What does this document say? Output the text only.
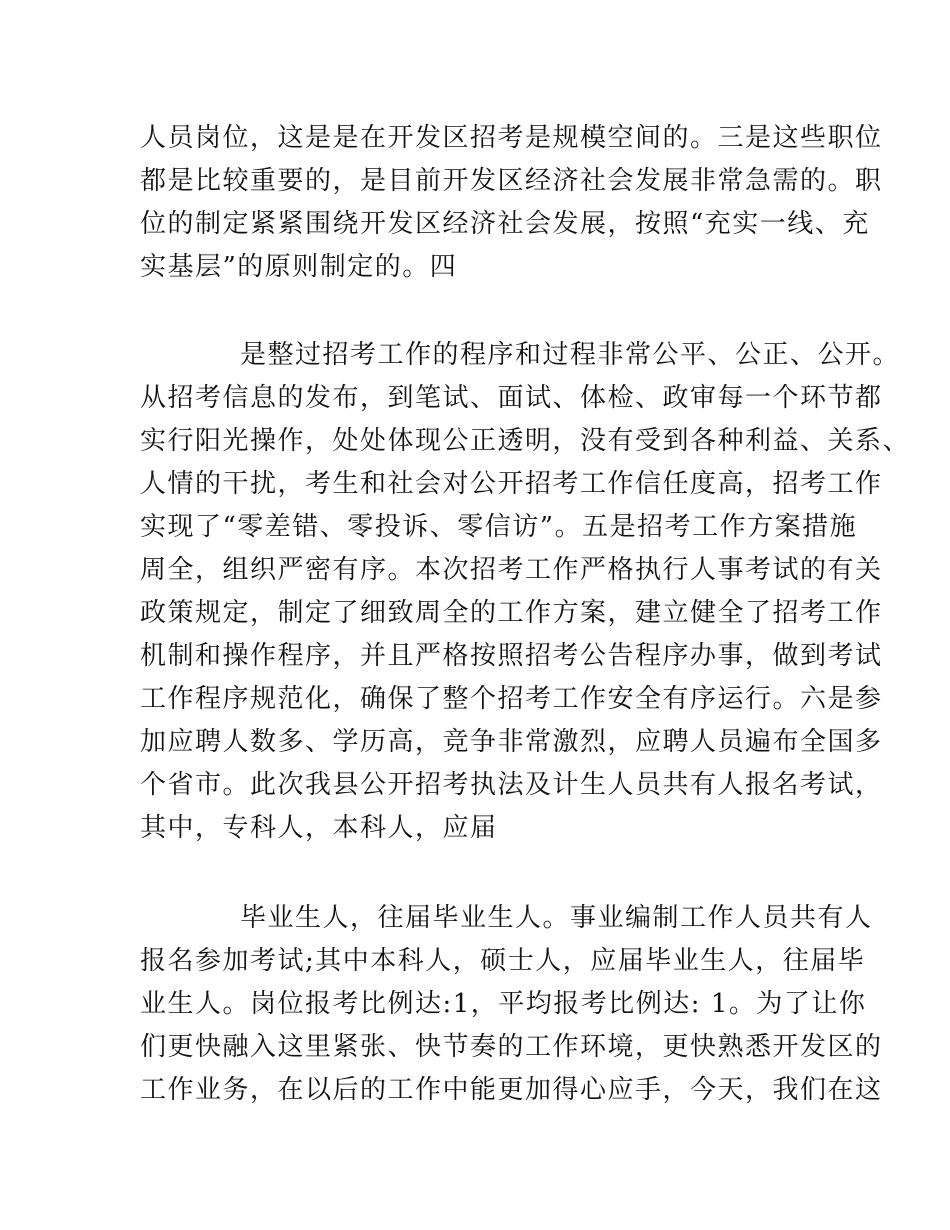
人员岗位，这是是在开发区招考是规模空间的。三是这些职位
都是比较重要的，是目前开发区经济社会发展非常急需的。职
位的制定紧紧围绕开发区经济社会发展，按照“充实一线、充
实基层”的原则制定的。四
是整过招考工作的程序和过程非常公平、公正、公开。
从招考信息的发布，到笔试、面试、体检、政审每一个环节都
实行阳光操作，处处体现公正透明，没有受到各种利益、关系、
人情的干扰，考生和社会对公开招考工作信任度高，招考工作
实现了“零差错、零投诉、零信访”。五是招考工作方案措施
周全，组织严密有序。本次招考工作严格执行人事考试的有关
政策规定，制定了细致周全的工作方案，建立健全了招考工作
机制和操作程序，并且严格按照招考公告程序办事，做到考试
工作程序规范化，确保了整个招考工作安全有序运行。六是参
加应聘人数多、学历高，竞争非常激烈，应聘人员遍布全国多
个省市。此次我县公开招考执法及计生人员共有人报名考试，
其中，专科人，本科人，应届
毕业生人，往届毕业生人。事业编制工作人员共有人
报名参加考试;其中本科人，硕士人，应届毕业生人，往届毕
业生人。岗位报考比例达:1，平均报考比例达: 1。为了让你
们更快融入这里紧张、快节奏的工作环境，更快熟悉开发区的
工作业务，在以后的工作中能更加得心应手，今天，我们在这
